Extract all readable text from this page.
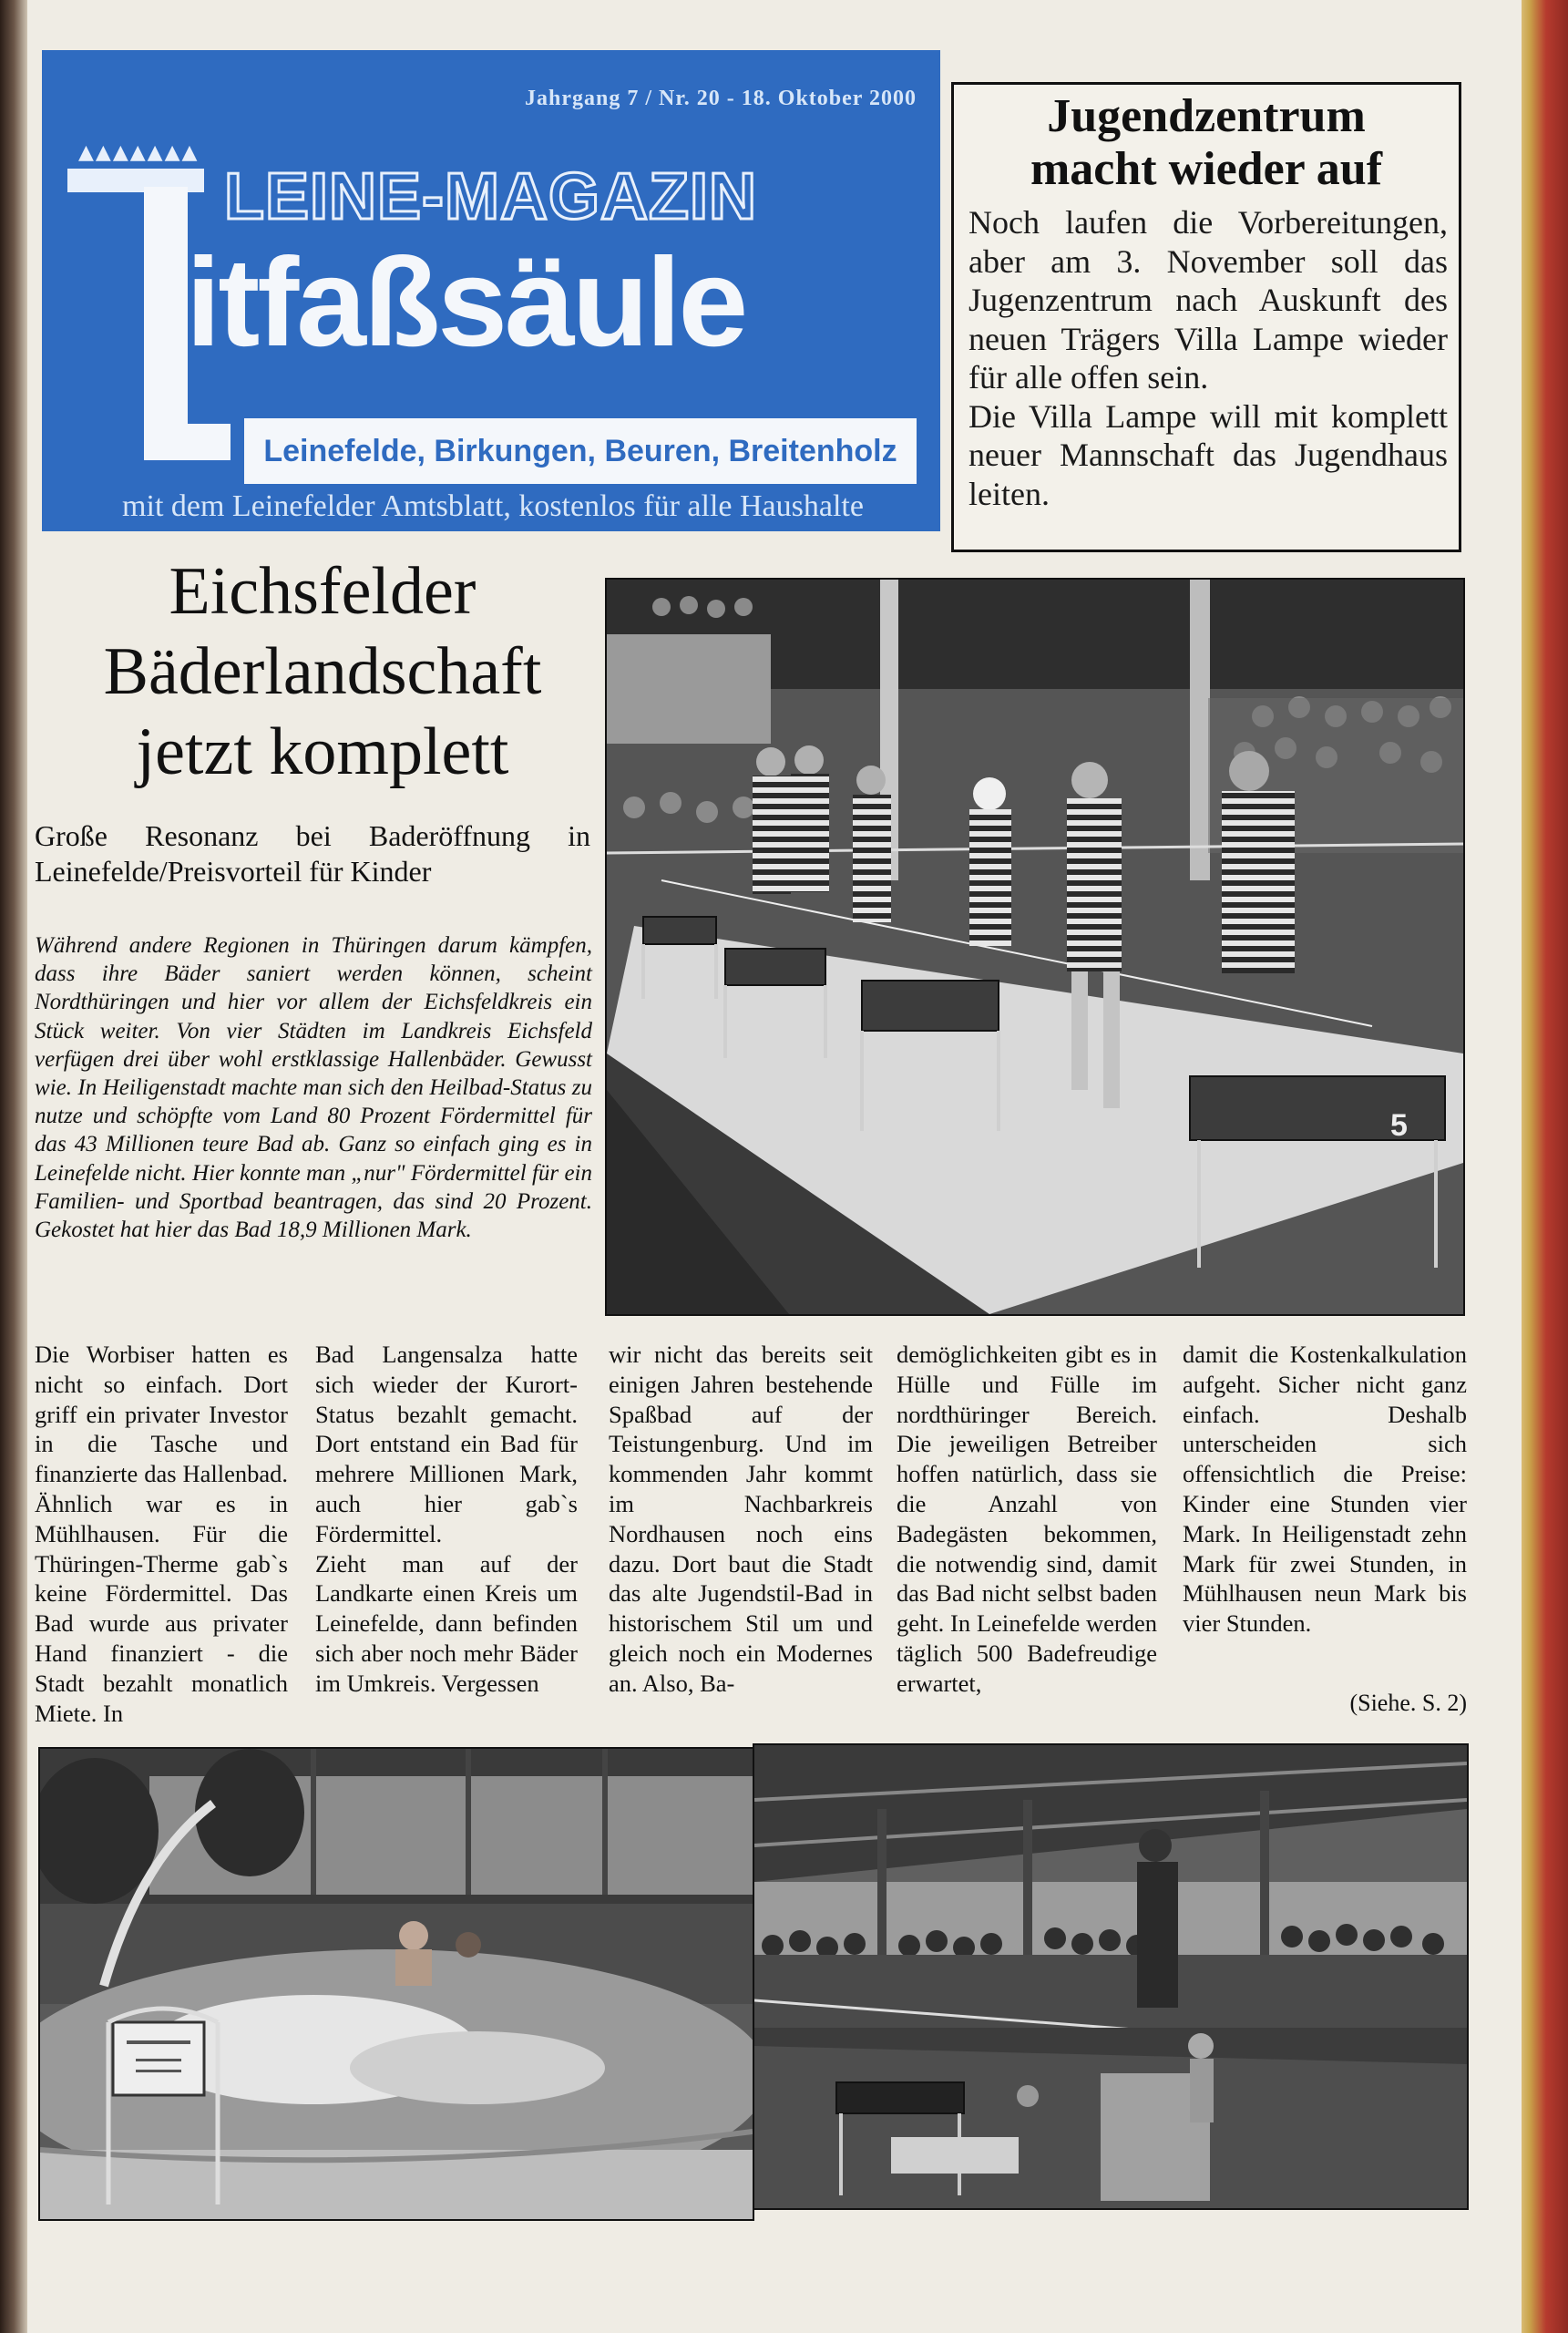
▲▲▲▲▲▲▲
Jahrgang 7 / Nr. 20 - 18. Oktober 2000
LEINE-MAGAZIN
itfaßsäule
Leinefelde, Birkungen, Beuren, Breitenholz
mit dem Leinefelder Amtsblatt, kostenlos für alle Haushalte
Jugendzentrum
macht wieder auf

Noch laufen die Vorbereitungen, aber am 3. November soll das Jugenzentrum nach Auskunft des neuen Trägers Villa Lampe wieder für alle offen sein.

Die Villa Lampe will mit komplett neuer Mannschaft das Jugendhaus leiten.

Eichsfelder
Bäderlandschaft
jetzt komplett
Große Resonanz bei Baderöffnung in Leinefelde/Preisvorteil für Kinder
Während andere Regionen in Thüringen darum kämpfen, dass ihre Bäder saniert werden können, scheint Nordthüringen und hier vor allem der Eichsfeldkreis ein Stück weiter. Von vier Städten im Landkreis Eichsfeld verfügen drei über wohl erstklassige Hallenbäder. Gewusst wie. In Heiligenstadt machte man sich den Heilbad-Status zu nutze und schöpfte vom Land 80 Prozent Fördermittel für das 43 Millionen teure Bad ab. Ganz so einfach ging es in Leinefelde nicht. Hier konnte man „nur" Fördermittel für ein Familien- und Sportbad beantragen, das sind 20 Prozent. Gekostet hat hier das Bad 18,9 Millionen Mark.
5

Die Worbiser hatten es nicht so einfach. Dort griff ein privater Investor in die Tasche und finanzierte das Hallenbad. Ähnlich war es in Mühlhausen. Für die Thüringen-Therme gab`s keine Fördermittel. Das Bad wurde aus privater Hand finanziert - die Stadt bezahlt monatlich Miete. In

Bad Langensalza hatte sich wieder der Kurort-Status bezahlt gemacht. Dort entstand ein Bad für mehrere Millionen Mark, auch hier gab`s Fördermittel.

Zieht man auf der Landkarte einen Kreis um Leinefelde, dann befinden sich aber noch mehr Bäder im Umkreis. Vergessen

wir nicht das bereits seit einigen Jahren bestehende Spaßbad auf der Teistungenburg. Und im kommenden Jahr kommt im Nachbarkreis Nordhausen noch eins dazu. Dort baut die Stadt das alte Jugendstil-Bad in historischem Stil um und gleich noch ein Modernes an. Also, Ba-

demöglichkeiten gibt es in Hülle und Fülle im nordthüringer Bereich. Die jeweiligen Betreiber hoffen natürlich, dass sie die Anzahl von Badegästen bekommen, die notwendig sind, damit das Bad nicht selbst baden geht. In Leinefelde werden täglich 500 Badefreudige erwartet,

damit die Kostenkalkulation aufgeht. Sicher nicht ganz einfach. Deshalb unterscheiden sich offensichtlich die Preise: Kinder eine Stunden vier Mark. In Heiligenstadt zehn Mark für zwei Stunden, in Mühlhausen neun Mark bis vier Stunden.

(Siehe. S. 2)
